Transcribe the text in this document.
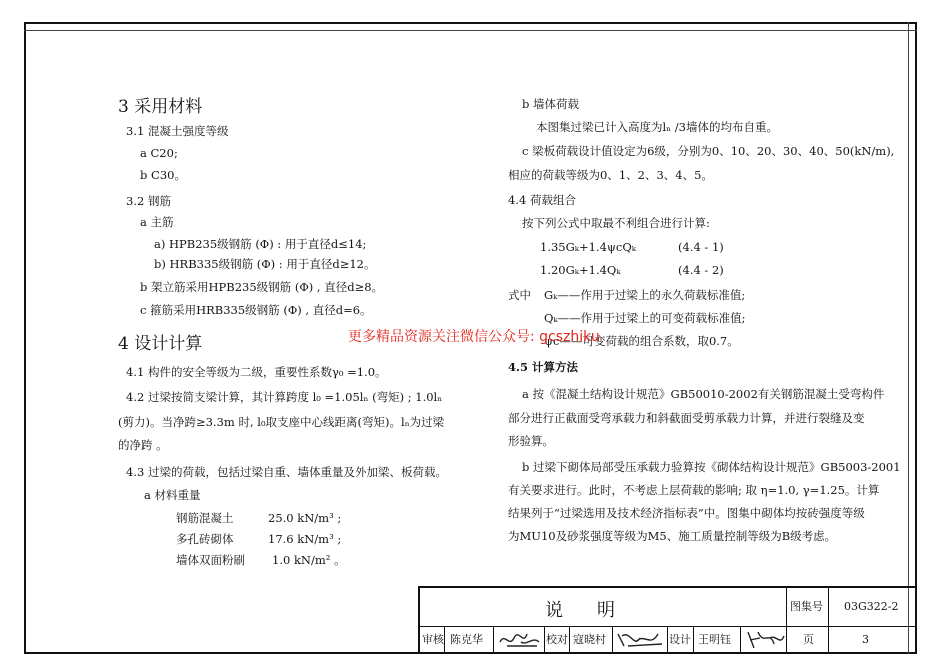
3 采用材料
3.1 混凝土强度等级
a C20;
b C30。
3.2 钢筋
a 主筋
a) HPB235级钢筋 (Φ) : 用于直径d≤14;
b) HRB335级钢筋 (Φ) : 用于直径d≥12。
b 架立筋采用HPB235级钢筋 (Φ) , 直径d≥8。
c 箍筋采用HRB335级钢筋 (Φ) , 直径d=6。
4 设计计算
4.1 构件的安全等级为二级，重要性系数γ₀ =1.0。
4.2 过梁按简支梁计算，其计算跨度 l₀ =1.05lₙ (弯矩) ; 1.0lₙ
(剪力)。当净跨≥3.3m 时, l₀取支座中心线距离(弯矩)。lₙ为过梁
的净跨 。
4.3 过梁的荷载，包括过梁自重、墙体重量及外加梁、板荷载。
a 材料重量
钢筋混凝土	25.0 kN/m³ ;
多孔砖砌体	17.6 kN/m³ ;
墙体双面粉刷 1.0 kN/m² 。
b 墙体荷载
本图集过梁已计入高度为lₙ /3墙体的均布自重。
c 梁板荷载设计值设定为6级，分别为0、10、20、30、40、50(kN/m),
相应的荷载等级为0、1、2、3、4、5。
4.4 荷载组合
按下列公式中取最不利组合进行计算:
1.35Gₖ+1.4ψcQₖ	(4.4 - 1)
1.20Gₖ+1.4Qₖ	(4.4 - 2)
式中 Gₖ——作用于过梁上的永久荷载标准值;
Qₖ——作用于过梁上的可变荷载标准值;
ψc——可变荷载的组合系数，取0.7。
4.5 计算方法
a 按《混凝土结构设计规范》GB50010-2002有关钢筋混凝土受弯构件
部分进行正截面受弯承载力和斜截面受剪承载力计算，并进行裂缝及变
形验算。
b 过梁下砌体局部受压承载力验算按《砌体结构设计规范》GB5003-2001
有关要求进行。此时，不考虑上层荷载的影响; 取 η=1.0, γ=1.25。计算
结果列于“过梁选用及技术经济指标表”中。图集中砌体均按砖强度等级
为MU10及砂浆强度等级为M5、施工质量控制等级为B级考虑。
更多精品资源关注微信公众号: gcszhiku
说明	图集号 03G322-2
审核 陈克华	校对 寇晓村	设计 王明钰	页	3
